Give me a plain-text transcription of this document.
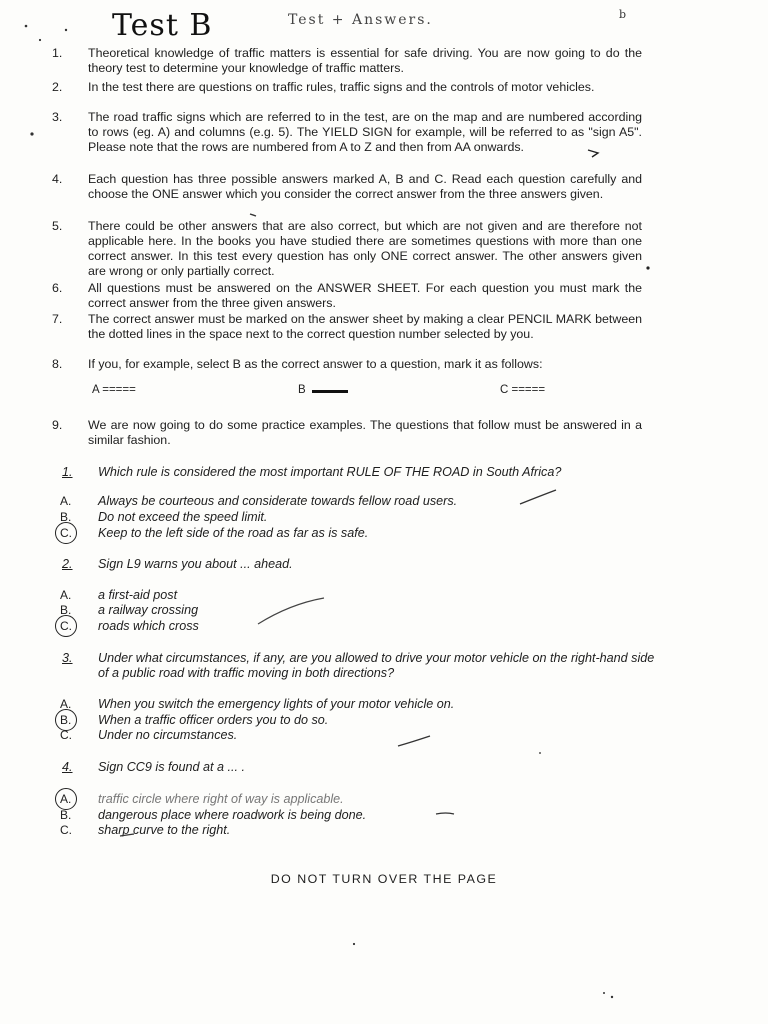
Test B	Test + Answers.	b
1.	Theoretical knowledge of traffic matters is essential for safe driving. You are now going to do the theory test to determine your knowledge of traffic matters.
2.	In the test there are questions on traffic rules, traffic signs and the controls of motor vehicles.
3.	The road traffic signs which are referred to in the test, are on the map and are numbered according to rows (eg. A) and columns (e.g. 5). The YIELD SIGN for example, will be referred to as "sign A5". Please note that the rows are numbered from A to Z and then from AA onwards.
4.	Each question has three possible answers marked A, B and C. Read each question carefully and choose the ONE answer which you consider the correct answer from the three answers given.
5.	There could be other answers that are also correct, but which are not given and are therefore not applicable here. In the books you have studied there are sometimes questions with more than one correct answer. In this test every question has only ONE correct answer. The other answers given are wrong or only partially correct.
6.	All questions must be answered on the ANSWER SHEET. For each question you must mark the correct answer from the three given answers.
7.	The correct answer must be marked on the answer sheet by making a clear PENCIL MARK between the dotted lines in the space next to the correct question number selected by you.
8.	If you, for example, select B as the correct answer to a question, mark it as follows:
A =====	B	C =====
9.	We are now going to do some practice examples. The questions that follow must be answered in a similar fashion.
1. Which rule is considered the most important RULE OF THE ROAD in South Africa?
A. Always be courteous and considerate towards fellow road users.
B. Do not exceed the speed limit.
C. Keep to the left side of the road as far as is safe.
2. Sign L9 warns you about ... ahead.
A. a first-aid post
B. a railway crossing
C. roads which cross
3. Under what circumstances, if any, are you allowed to drive your motor vehicle on the right-hand side of a public road with traffic moving in both directions?
A. When you switch the emergency lights of your motor vehicle on.
B. When a traffic officer orders you to do so.
C. Under no circumstances.
4. Sign CC9 is found at a ... .
A. traffic circle where right of way is applicable.
B. dangerous place where roadwork is being done.
C. sharp curve to the right.
DO NOT TURN OVER THE PAGE
